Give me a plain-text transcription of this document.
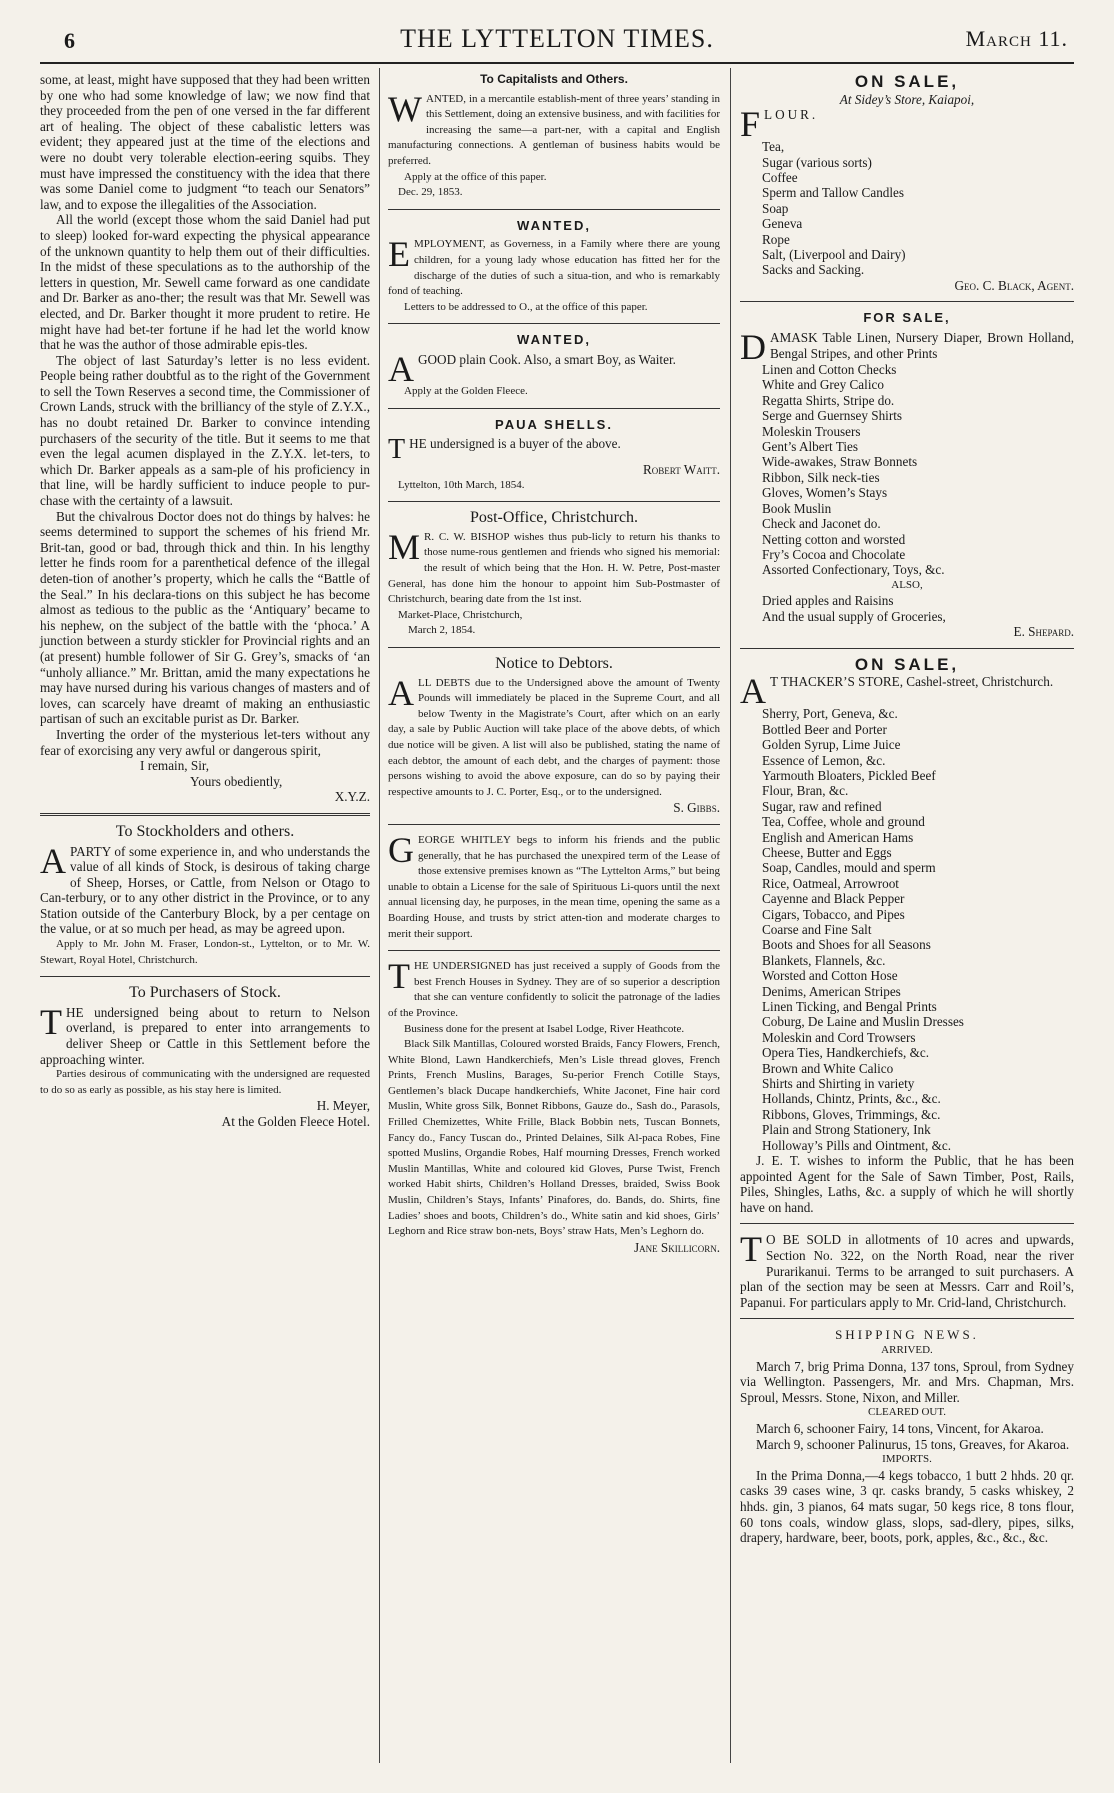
6	THE LYTTELTON TIMES.	March 11.

some, at least, might have supposed that they had been written by one who had some knowledge of law; we now find that they proceeded from the pen of one versed in the far different art of healing. The object of these cabalistic letters was evident; they appeared just at the time of the elections and were no doubt very tolerable election-eering squibs. They must have impressed the constituency with the idea that there was some Daniel come to judgment “to teach our Senators” law, and to expose the illegalities of the Association.

All the world (except those whom the said Daniel had put to sleep) looked for-ward expecting the physical appearance of the unknown quantity to help them out of their difficulties. In the midst of these speculations as to the authorship of the letters in question, Mr. Sewell came forward as one candidate and Dr. Barker as ano-ther; the result was that Mr. Sewell was elected, and Dr. Barker thought it more prudent to retire. He might have had bet-ter fortune if he had let the world know that he was the author of those admirable epis-tles.

The object of last Saturday’s letter is no less evident. People being rather doubtful as to the right of the Government to sell the Town Reserves a second time, the Commissioner of Crown Lands, struck with the brilliancy of the style of Z.Y.X., has no doubt retained Dr. Barker to convince intending purchasers of the security of the title. But it seems to me that even the legal acumen displayed in the Z.Y.X. let-ters, to which Dr. Barker appeals as a sam-ple of his proficiency in that line, will be hardly sufficient to induce people to pur-chase with the certainty of a lawsuit.

But the chivalrous Doctor does not do things by halves: he seems determined to support the schemes of his friend Mr. Brit-tan, good or bad, through thick and thin. In his lengthy letter he finds room for a parenthetical defence of the illegal deten-tion of another’s property, which he calls the “Battle of the Seal.” In his declara-tions on this subject he has become almost as tedious to the public as the ‘Antiquary’ became to his nephew, on the subject of the battle with the ‘phoca.’ A junction between a sturdy stickler for Provincial rights and an (at present) humble follower of Sir G. Grey’s, smacks of ‘an “unholy alliance.” Mr. Brittan, amid the many expectations he may have nursed during his various changes of masters and of loves, can scarcely have dreamt of making an enthusiastic partisan of such an excitable purist as Dr. Barker.

Inverting the order of the mysterious let-ters without any fear of exorcising any very awful or dangerous spirit,

I remain, Sir,

Yours obediently,

X.Y.Z.

To Stockholders and others.

APARTY of some experience in, and who understands the value of all kinds of Stock, is desirous of taking charge of Sheep, Horses, or Cattle, from Nelson or Otago to Can-terbury, or to any other district in the Province, or to any Station outside of the Canterbury Block, by a per centage on the value, or at so much per head, as may be agreed upon.

Apply to Mr. John M. Fraser, London-st., Lyttelton, or to Mr. W. Stewart, Royal Hotel, Christchurch.

To Purchasers of Stock.

THE undersigned being about to return to Nelson overland, is prepared to enter into arrangements to deliver Sheep or Cattle in this Settlement before the approaching winter.

Parties desirous of communicating with the undersigned are requested to do so as early as possible, as his stay here is limited.

H. Meyer,

At the Golden Fleece Hotel.

To Capitalists and Others.

WANTED, in a mercantile establish-ment of three years’ standing in this Settlement, doing an extensive business, and with facilities for increasing the same—a part-ner, with a capital and English manufacturing connections. A gentleman of business habits would be preferred.

Apply at the office of this paper.

Dec. 29, 1853.

WANTED,

EMPLOYMENT, as Governess, in a Family where there are young children, for a young lady whose education has fitted her for the discharge of the duties of such a situa-tion, and who is remarkably fond of teaching.

Letters to be addressed to O., at the office of this paper.

WANTED,

AGOOD plain Cook. Also, a smart Boy, as Waiter.

Apply at the Golden Fleece.

PAUA SHELLS.

THE undersigned is a buyer of the above.

Robert Waitt.

Lyttelton, 10th March, 1854.

Post-Office, Christchurch.

M R. C. W. BISHOP wishes thus pub-licly to return his thanks to those nume-rous gentlemen and friends who signed his memorial: the result of which being that the Hon. H. W. Petre, Post-master General, has done him the honour to appoint him Sub-Postmaster of Christchurch, bearing date from the 1st inst.

Market-Place, Christchurch,

March 2, 1854.

Notice to Debtors.

ALL DEBTS due to the Undersigned above the amount of Twenty Pounds will immediately be placed in the Supreme Court, and all below Twenty in the Magistrate’s Court, after which on an early day, a sale by Public Auction will take place of the above debts, of which due notice will be given. A list will also be published, stating the name of each debtor, the amount of each debt, and the charges of payment: those persons wishing to avoid the above exposure, can do so by paying their respective amounts to J. C. Porter, Esq., or to the undersigned.

S. Gibbs.

GEORGE WHITLEY begs to inform his friends and the public generally, that he has purchased the unexpired term of the Lease of those extensive premises known as “The Lyttelton Arms,” but being unable to obtain a License for the sale of Spirituous Li-quors until the next annual licensing day, he purposes, in the mean time, opening the same as a Boarding House, and trusts by strict atten-tion and moderate charges to merit their support.

THE UNDERSIGNED has just received a supply of Goods from the best French Houses in Sydney. They are of so superior a description that she can venture confidently to solicit the patronage of the ladies of the Province.

Business done for the present at Isabel Lodge, River Heathcote.

Black Silk Mantillas, Coloured worsted Braids, Fancy Flowers, French, White Blond, Lawn Handkerchiefs, Men’s Lisle thread gloves, French Prints, French Muslins, Barages, Su-perior French Cotille Stays, Gentlemen’s black Ducape handkerchiefs, White Jaconet, Fine hair cord Muslin, White gross Silk, Bonnet Ribbons, Gauze do., Sash do., Parasols, Frilled Chemizettes, White Frille, Black Bobbin nets, Tuscan Bonnets, Fancy do., Fancy Tuscan do., Printed Delaines, Silk Al-paca Robes, Fine spotted Muslins, Organdie Robes, Half mourning Dresses, French worked Muslin Mantillas, White and coloured kid Gloves, Purse Twist, French worked Habit shirts, Children’s Holland Dresses, braided, Swiss Book Muslin, Children’s Stays, Infants’ Pinafores, do. Bands, do. Shirts, fine Ladies’ shoes and boots, Children’s do., White satin and kid shoes, Girls’ Leghorn and Rice straw bon-nets, Boys’ straw Hats, Men’s Leghorn do.

Jane Skillicorn.

ON SALE,
At Sidey’s Store, Kaiapoi,

FLOUR.

Tea,
Sugar (various sorts)
Coffee
Sperm and Tallow Candles
Soap
Geneva
Rope
Salt, (Liverpool and Dairy)
Sacks and Sacking.

Geo. C. Black, Agent.

FOR SALE,

DAMASK Table Linen, Nursery Diaper, Brown Holland, Bengal Stripes, and other Prints

Linen and Cotton Checks
White and Grey Calico
Regatta Shirts, Stripe do.
Serge and Guernsey Shirts
Moleskin Trousers
Gent’s Albert Ties
Wide-awakes, Straw Bonnets
Ribbon, Silk neck-ties
Gloves, Women’s Stays
Book Muslin
Check and Jaconet do.
Netting cotton and worsted
Fry’s Cocoa and Chocolate
Assorted Confectionary, Toys, &c.
ALSO,
Dried apples and Raisins
And the usual supply of Groceries,

E. Shepard.

ON SALE,

A T THACKER’S STORE, Cashel-street, Christchurch.

Sherry, Port, Geneva, &c.
Bottled Beer and Porter
Golden Syrup, Lime Juice
Essence of Lemon, &c.
Yarmouth Bloaters, Pickled Beef
Flour, Bran, &c.
Sugar, raw and refined
Tea, Coffee, whole and ground
English and American Hams
Cheese, Butter and Eggs
Soap, Candles, mould and sperm
Rice, Oatmeal, Arrowroot
Cayenne and Black Pepper
Cigars, Tobacco, and Pipes
Coarse and Fine Salt
Boots and Shoes for all Seasons
Blankets, Flannels, &c.
Worsted and Cotton Hose
Denims, American Stripes
Linen Ticking, and Bengal Prints
Coburg, De Laine and Muslin Dresses
Moleskin and Cord Trowsers
Opera Ties, Handkerchiefs, &c.
Brown and White Calico
Shirts and Shirting in variety
Hollands, Chintz, Prints, &c., &c.
Ribbons, Gloves, Trimmings, &c.
Plain and Strong Stationery, Ink
Holloway’s Pills and Ointment, &c.

J. E. T. wishes to inform the Public, that he has been appointed Agent for the Sale of Sawn Timber, Post, Rails, Piles, Shingles, Laths, &c. a supply of which he will shortly have on hand.

T O BE SOLD in allotments of 10 acres and upwards, Section No. 322, on the North Road, near the river Purarikanui. Terms to be arranged to suit purchasers. A plan of the section may be seen at Messrs. Carr and Roil’s, Papanui. For particulars apply to Mr. Crid-land, Christchurch.

SHIPPING NEWS.
ARRIVED.

March 7, brig Prima Donna, 137 tons, Sproul, from Sydney via Wellington. Passengers, Mr. and Mrs. Chapman, Mrs. Sproul, Messrs. Stone, Nixon, and Miller.

CLEARED OUT.

March 6, schooner Fairy, 14 tons, Vincent, for Akaroa.

March 9, schooner Palinurus, 15 tons, Greaves, for Akaroa.

IMPORTS.

In the Prima Donna,—4 kegs tobacco, 1 butt 2 hhds. 20 qr. casks 39 cases wine, 3 qr. casks brandy, 5 casks whiskey, 2 hhds. gin, 3 pianos, 64 mats sugar, 50 kegs rice, 8 tons flour, 60 tons coals, window glass, slops, sad-dlery, pipes, silks, drapery, hardware, beer, boots, pork, apples, &c., &c., &c.
